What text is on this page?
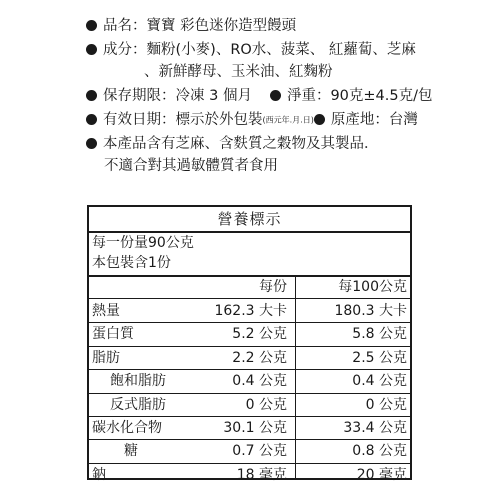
品名：寶寶 彩色迷你造型饅頭
成分：麵粉(小麥)、RO水、菠菜、 紅蘿蔔、芝麻
、新鮮酵母、玉米油、紅麴粉
保存期限：冷凍 3 個月 淨重：90克±4.5克/包
有效日期：標示於外包裝(西元年.月.日) 原產地：台灣
本產品含有芝麻、含麩質之穀物及其製品．
不適合對其過敏體質者食用
營養標示
每一份量90公克
本包裝含1份
每份	每100公克
熱量	162.3 大卡	180.3 大卡
蛋白質	5.2 公克	5.8 公克
脂肪	2.2 公克	2.5 公克
飽和脂肪	0.4 公克	0.4 公克
反式脂肪	0 公克	0 公克
碳水化合物	30.1 公克	33.4 公克
糖	0.7 公克	0.8 公克
鈉	18 毫克	20 毫克
